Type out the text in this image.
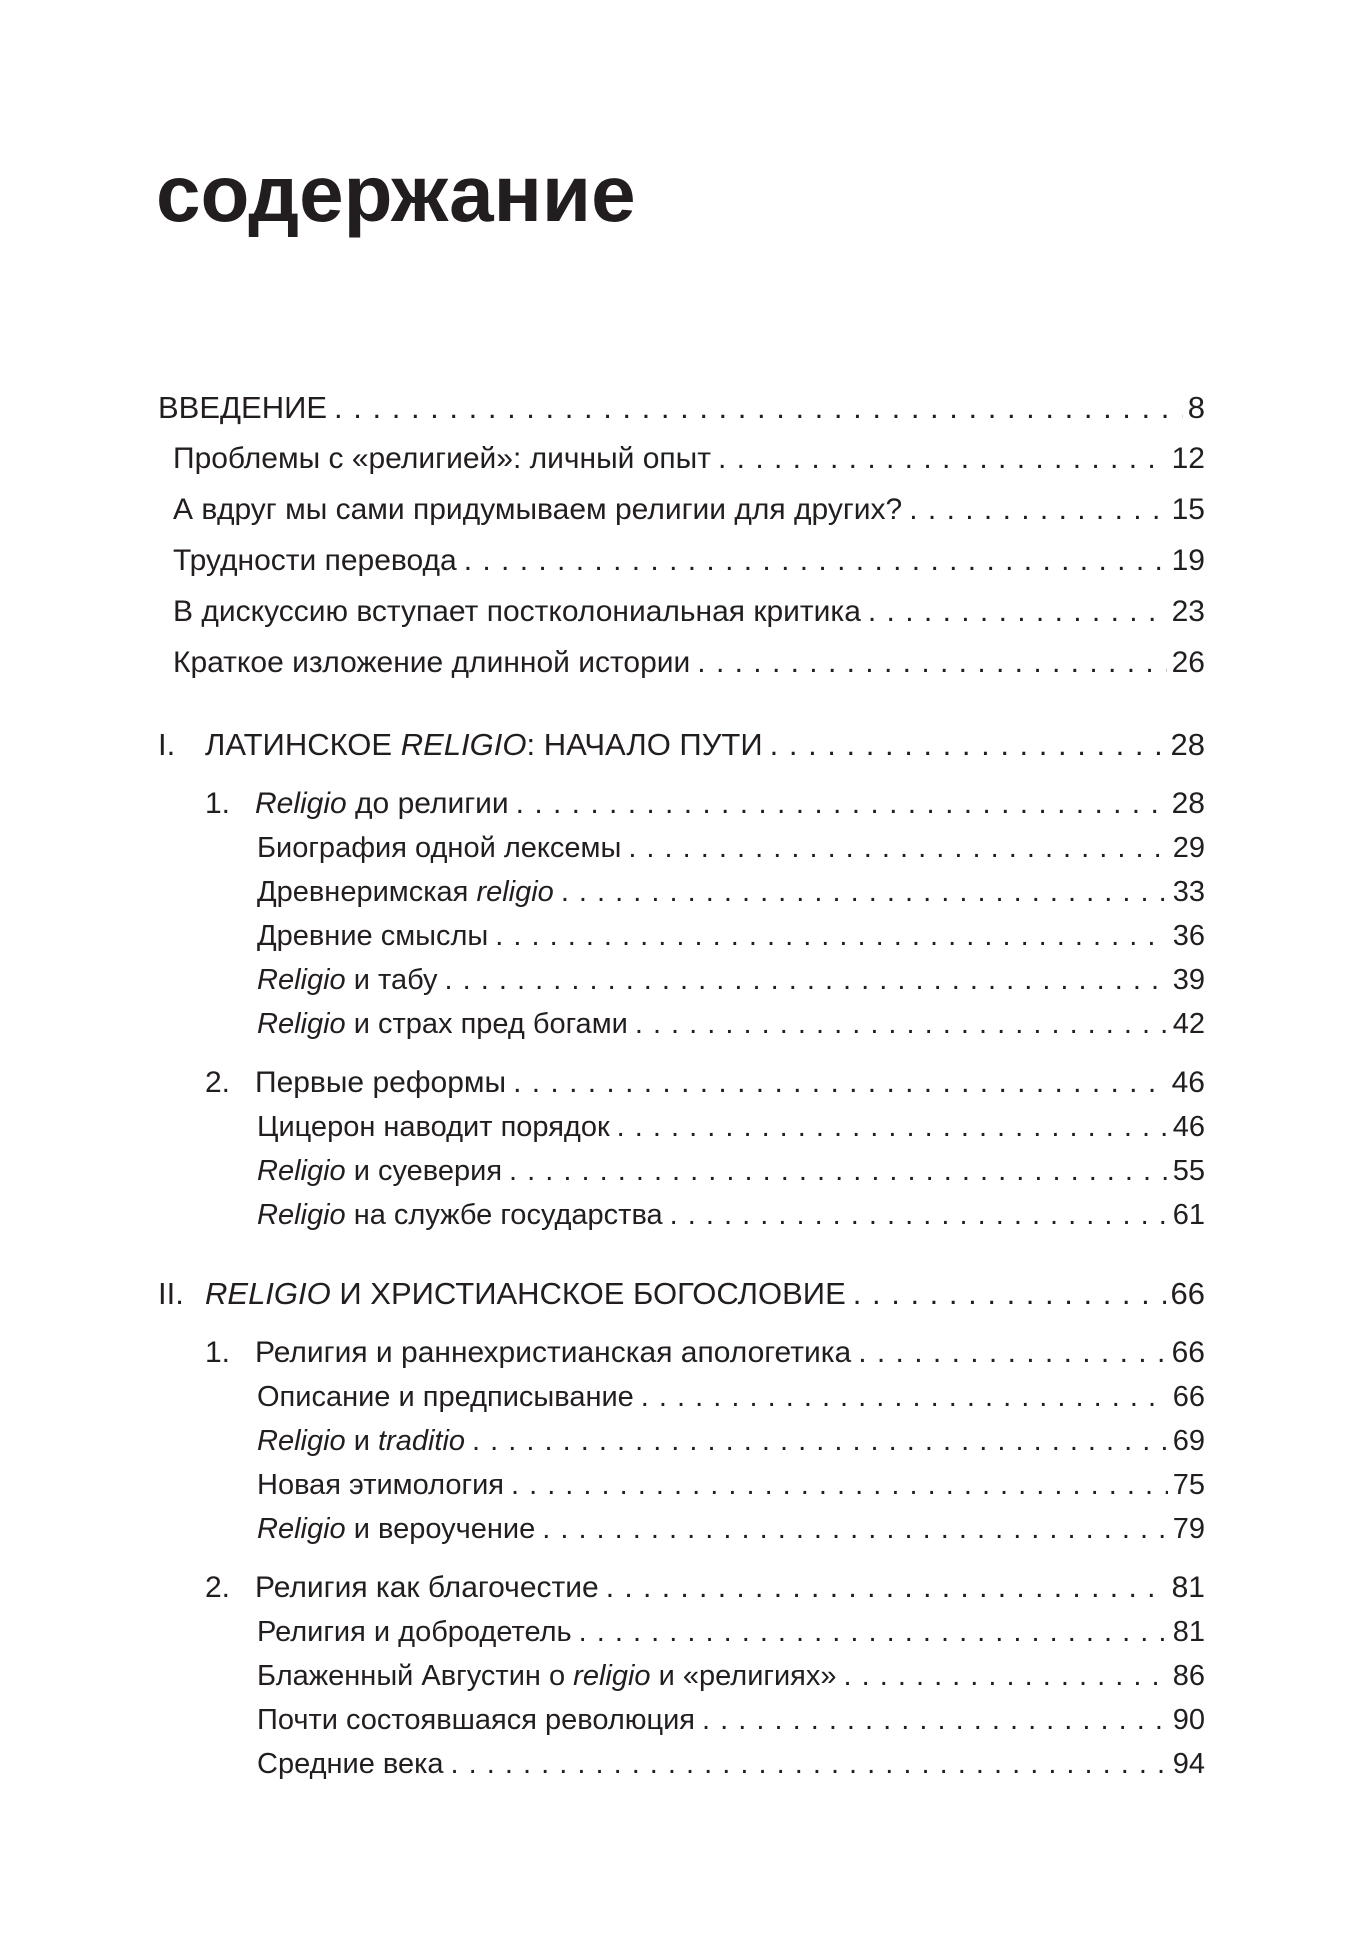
содержание
ВВЕДЕНИЕ . . .	8
Проблемы с «религией»: личный опыт . . .	12
А вдруг мы сами придумываем религии для других? . . .	15
Трудности перевода . . .	19
В дискуссию вступает постколониальная критика . . .	23
Краткое изложение длинной истории . . .	26
I. ЛАТИНСКОЕ RELIGIO: НАЧАЛО ПУТИ . . .	28
1. Religio до религии . . .	28
Биография одной лексемы . . .	29
Древнеримская religio . . .	33
Древние смыслы . . .	36
Religio и табу . . .	39
Religio и страх пред богами . . .	42
2. Первые реформы . . .	46
Цицерон наводит порядок . . .	46
Religio и суеверия . . .	55
Religio на службе государства . . .	61
II. RELIGIO И ХРИСТИАНСКОЕ БОГОСЛОВИЕ . . .	66
1. Религия и раннехристианская апологетика . . .	66
Описание и предписывание . . .	66
Religio и traditio . . .	69
Новая этимология . . .	75
Religio и вероучение . . .	79
2. Религия как благочестие . . .	81
Религия и добродетель . . .	81
Блаженный Августин о religio и «религиях» . . .	86
Почти состоявшаяся революция . . .	90
Средние века . . .	94
